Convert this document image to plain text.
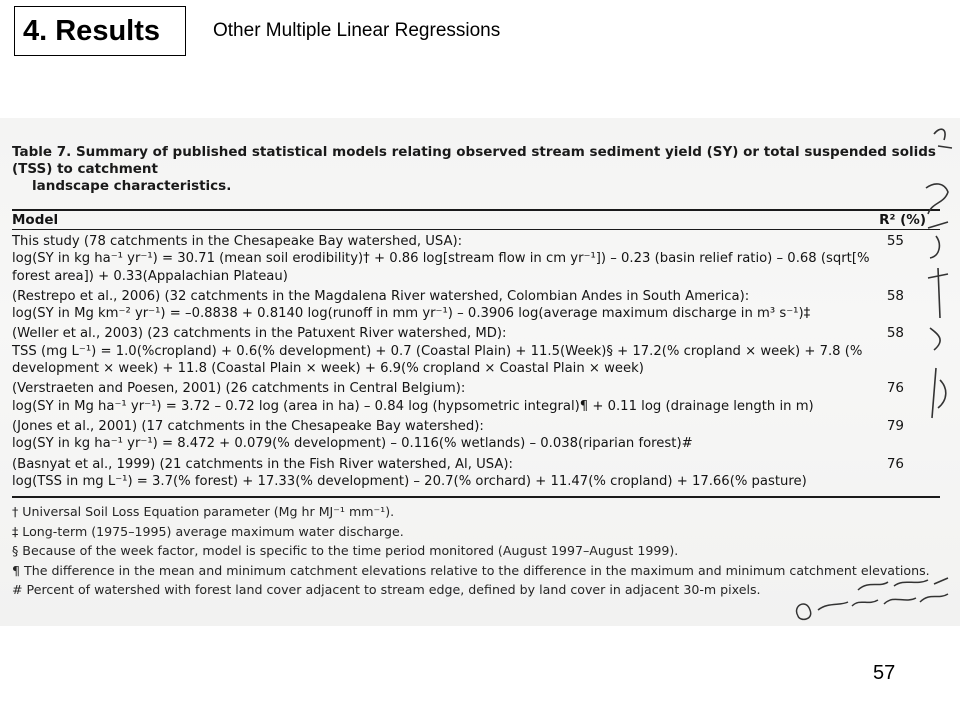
4. Results	Other Multiple Linear Regressions
Table 7. Summary of published statistical models relating observed stream sediment yield (SY) or total suspended solids (TSS) to catchment
landscape characteristics.
Model	R² (%)
This study (78 catchments in the Chesapeake Bay watershed, USA):
log(SY in kg ha⁻¹ yr⁻¹) = 30.71 (mean soil erodibility)† + 0.86 log[stream flow in cm yr⁻¹]) – 0.23 (basin relief ratio) – 0.68 (sqrt[%
forest area]) + 0.33(Appalachian Plateau)
55
(Restrepo et al., 2006) (32 catchments in the Magdalena River watershed, Colombian Andes in South America):
log(SY in Mg km⁻² yr⁻¹) = –0.8838 + 0.8140 log(runoff in mm yr⁻¹) – 0.3906 log(average maximum discharge in m³ s⁻¹)‡
58
(Weller et al., 2003) (23 catchments in the Patuxent River watershed, MD):
TSS (mg L⁻¹) = 1.0(%cropland) + 0.6(% development) + 0.7 (Coastal Plain) + 11.5(Week)§ + 17.2(% cropland × week) + 7.8 (%
development × week) + 11.8 (Coastal Plain × week) + 6.9(% cropland × Coastal Plain × week)
58
(Verstraeten and Poesen, 2001) (26 catchments in Central Belgium):
log(SY in Mg ha⁻¹ yr⁻¹) = 3.72 – 0.72 log (area in ha) – 0.84 log (hypsometric integral)¶ + 0.11 log (drainage length in m)
76
(Jones et al., 2001) (17 catchments in the Chesapeake Bay watershed):
log(SY in kg ha⁻¹ yr⁻¹) = 8.472 + 0.079(% development) – 0.116(% wetlands) – 0.038(riparian forest)#
79
(Basnyat et al., 1999) (21 catchments in the Fish River watershed, Al, USA):
log(TSS in mg L⁻¹) = 3.7(% forest) + 17.33(% development) – 20.7(% orchard) + 11.47(% cropland) + 17.66(% pasture)
76
† Universal Soil Loss Equation parameter (Mg hr MJ⁻¹ mm⁻¹).
‡ Long-term (1975–1995) average maximum water discharge.
§ Because of the week factor, model is specific to the time period monitored (August 1997–August 1999).
¶ The difference in the mean and minimum catchment elevations relative to the difference in the maximum and minimum catchment elevations.
# Percent of watershed with forest land cover adjacent to stream edge, defined by land cover in adjacent 30-m pixels.
57
